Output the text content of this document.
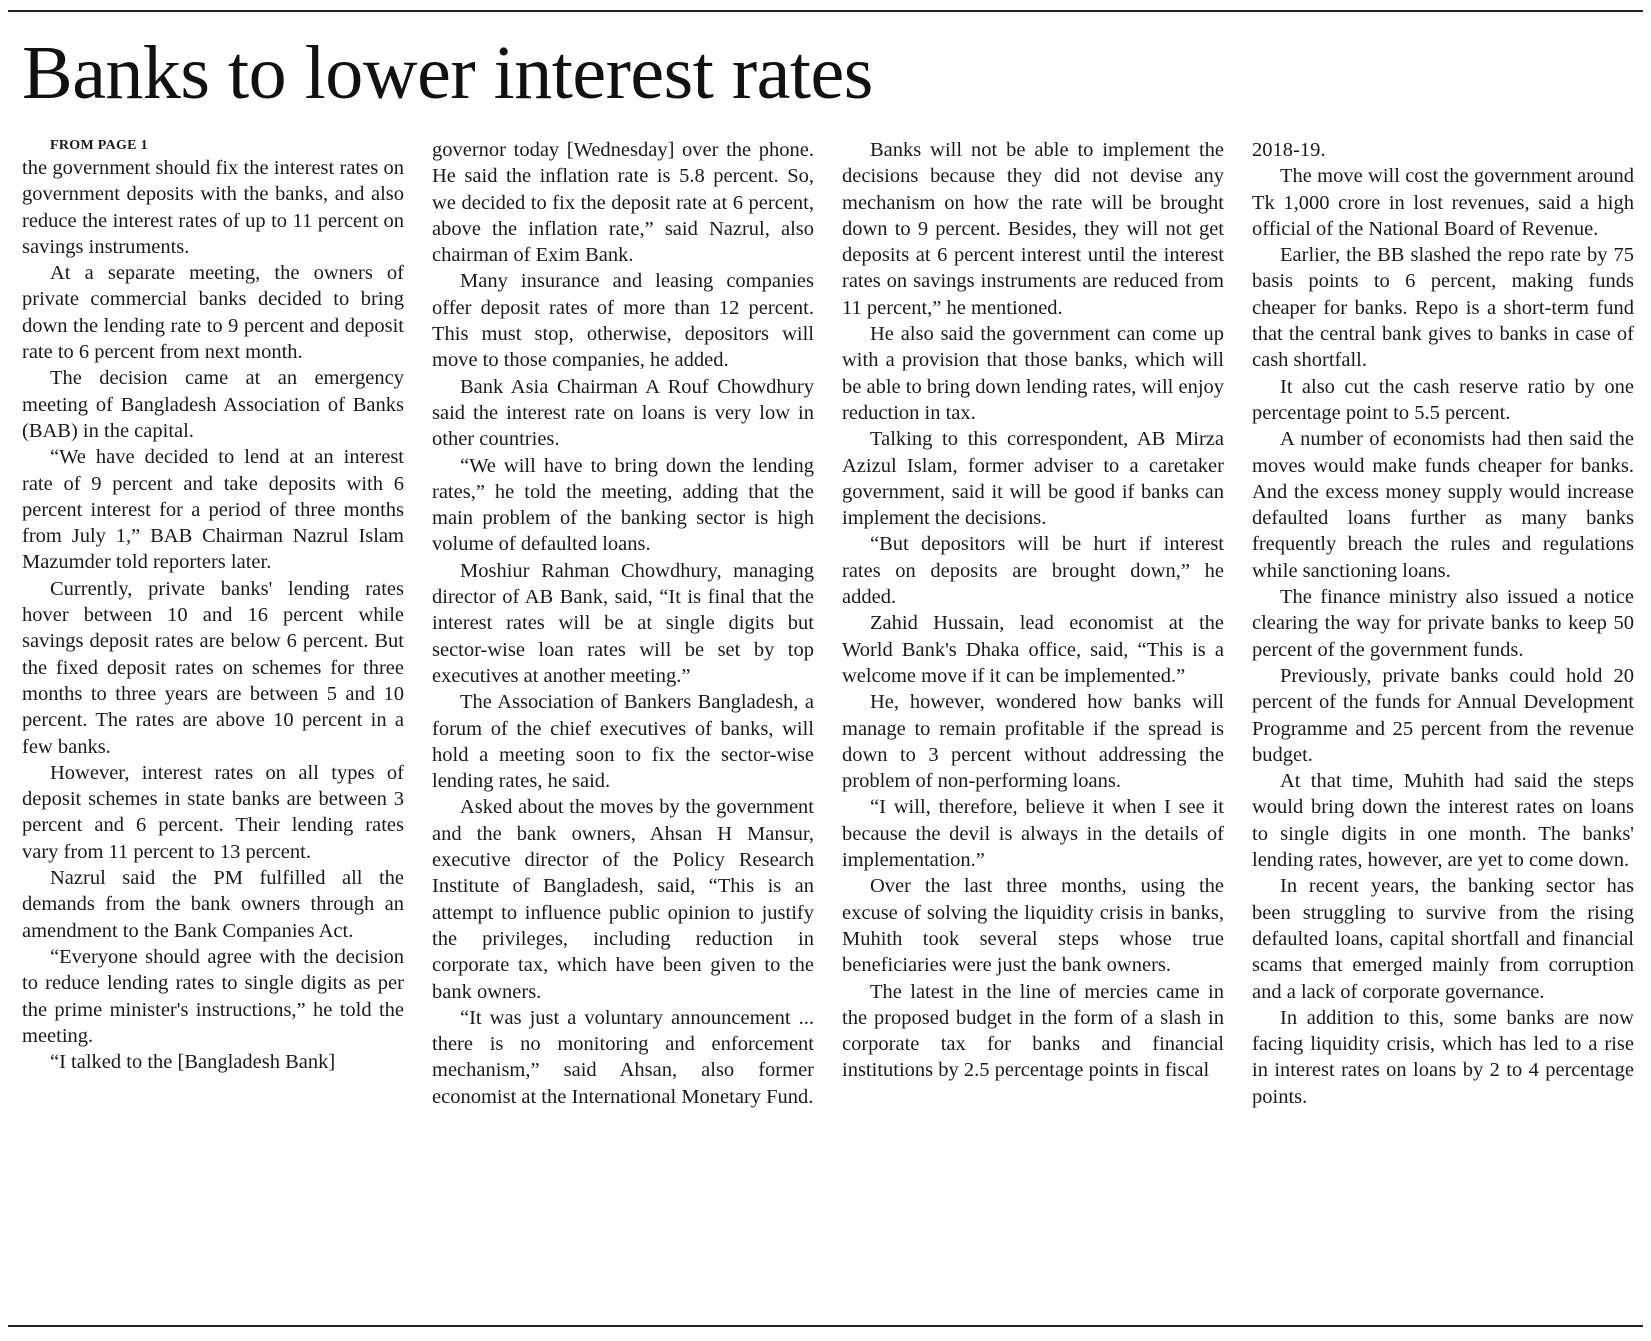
Banks to lower interest rates

FROM PAGE 1

the government should fix the interest rates on government deposits with the banks, and also reduce the interest rates of up to 11 percent on savings instruments.

At a separate meeting, the owners of private commercial banks decided to bring down the lending rate to 9 percent and deposit rate to 6 percent from next month.

The decision came at an emergency meeting of Bangladesh Association of Banks (BAB) in the capital.

“We have decided to lend at an interest rate of 9 percent and take deposits with 6 percent interest for a period of three months from July 1,” BAB Chairman Nazrul Islam Mazumder told reporters later.

Currently, private banks' lending rates hover between 10 and 16 percent while savings deposit rates are below 6 percent. But the fixed deposit rates on schemes for three months to three years are between 5 and 10 percent. The rates are above 10 percent in a few banks.

However, interest rates on all types of deposit schemes in state banks are between 3 percent and 6 percent. Their lending rates vary from 11 percent to 13 percent.

Nazrul said the PM fulfilled all the demands from the bank owners through an amendment to the Bank Companies Act.

“Everyone should agree with the decision to reduce lending rates to single digits as per the prime minister's instructions,” he told the meeting.

“I talked to the [Bangladesh Bank]

governor today [Wednesday] over the phone. He said the inflation rate is 5.8 percent. So, we decided to fix the deposit rate at 6 percent, above the inflation rate,” said Nazrul, also chairman of Exim Bank.

Many insurance and leasing companies offer deposit rates of more than 12 percent. This must stop, otherwise, depositors will move to those companies, he added.

Bank Asia Chairman A Rouf Chowdhury said the interest rate on loans is very low in other countries.

“We will have to bring down the lending rates,” he told the meeting, adding that the main problem of the banking sector is high volume of defaulted loans.

Moshiur Rahman Chowdhury, managing director of AB Bank, said, “It is final that the interest rates will be at single digits but sector-wise loan rates will be set by top executives at another meeting.”

The Association of Bankers Bangladesh, a forum of the chief executives of banks, will hold a meeting soon to fix the sector-wise lending rates, he said.

Asked about the moves by the government and the bank owners, Ahsan H Mansur, executive director of the Policy Research Institute of Bangladesh, said, “This is an attempt to influence public opinion to justify the privileges, including reduction in corporate tax, which have been given to the bank owners.

“It was just a voluntary announcement ... there is no monitoring and enforcement mechanism,” said Ahsan, also former economist at the International Monetary Fund.

Banks will not be able to implement the decisions because they did not devise any mechanism on how the rate will be brought down to 9 percent. Besides, they will not get deposits at 6 percent interest until the interest rates on savings instruments are reduced from 11 percent,” he mentioned.

He also said the government can come up with a provision that those banks, which will be able to bring down lending rates, will enjoy reduction in tax.

Talking to this correspondent, AB Mirza Azizul Islam, former adviser to a caretaker government, said it will be good if banks can implement the decisions.

“But depositors will be hurt if interest rates on deposits are brought down,” he added.

Zahid Hussain, lead economist at the World Bank's Dhaka office, said, “This is a welcome move if it can be implemented.”

He, however, wondered how banks will manage to remain profitable if the spread is down to 3 percent without addressing the problem of non-performing loans.

“I will, therefore, believe it when I see it because the devil is always in the details of implementation.”

Over the last three months, using the excuse of solving the liquidity crisis in banks, Muhith took several steps whose true beneficiaries were just the bank owners.

The latest in the line of mercies came in the proposed budget in the form of a slash in corporate tax for banks and financial institutions by 2.5 percentage points in fiscal

2018-19.

The move will cost the government around Tk 1,000 crore in lost revenues, said a high official of the National Board of Revenue.

Earlier, the BB slashed the repo rate by 75 basis points to 6 percent, making funds cheaper for banks. Repo is a short-term fund that the central bank gives to banks in case of cash shortfall.

It also cut the cash reserve ratio by one percentage point to 5.5 percent.

A number of economists had then said the moves would make funds cheaper for banks. And the excess money supply would increase defaulted loans further as many banks frequently breach the rules and regulations while sanctioning loans.

The finance ministry also issued a notice clearing the way for private banks to keep 50 percent of the government funds.

Previously, private banks could hold 20 percent of the funds for Annual Development Programme and 25 percent from the revenue budget.

At that time, Muhith had said the steps would bring down the interest rates on loans to single digits in one month. The banks' lending rates, however, are yet to come down.

In recent years, the banking sector has been struggling to survive from the rising defaulted loans, capital shortfall and financial scams that emerged mainly from corruption and a lack of corporate governance.

In addition to this, some banks are now facing liquidity crisis, which has led to a rise in interest rates on loans by 2 to 4 percentage points.
